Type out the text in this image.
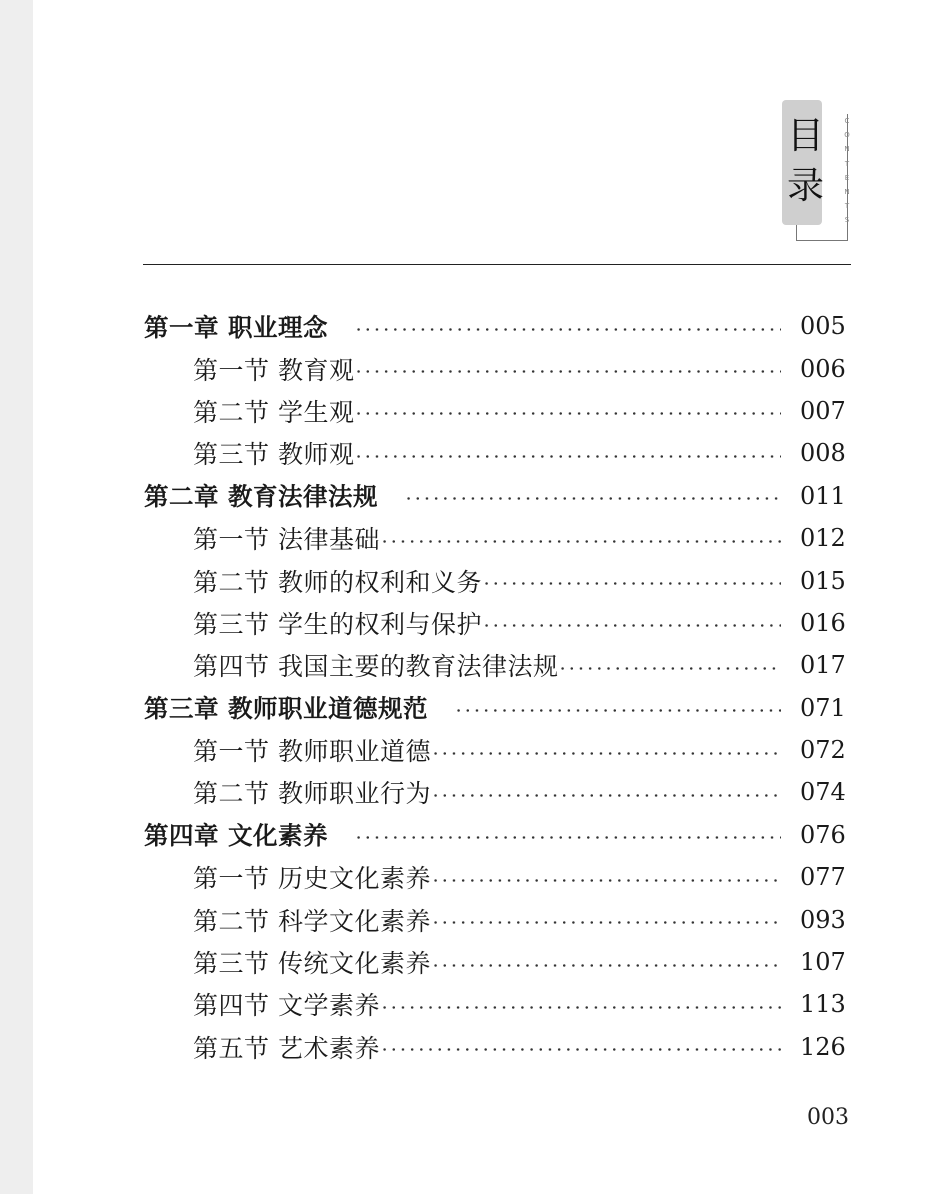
目
录
C
O
N
T
E
N
T
S
第一章 职业理念	005
第一节 教育观	006
第二节 学生观	007
第三节 教师观	008
第二章 教育法律法规	011
第一节 法律基础	012
第二节 教师的权利和义务	015
第三节 学生的权利与保护	016
第四节 我国主要的教育法律法规	017
第三章 教师职业道德规范	071
第一节 教师职业道德	072
第二节 教师职业行为	074
第四章 文化素养	076
第一节 历史文化素养	077
第二节 科学文化素养	093
第三节 传统文化素养	107
第四节 文学素养	113
第五节 艺术素养	126
003
